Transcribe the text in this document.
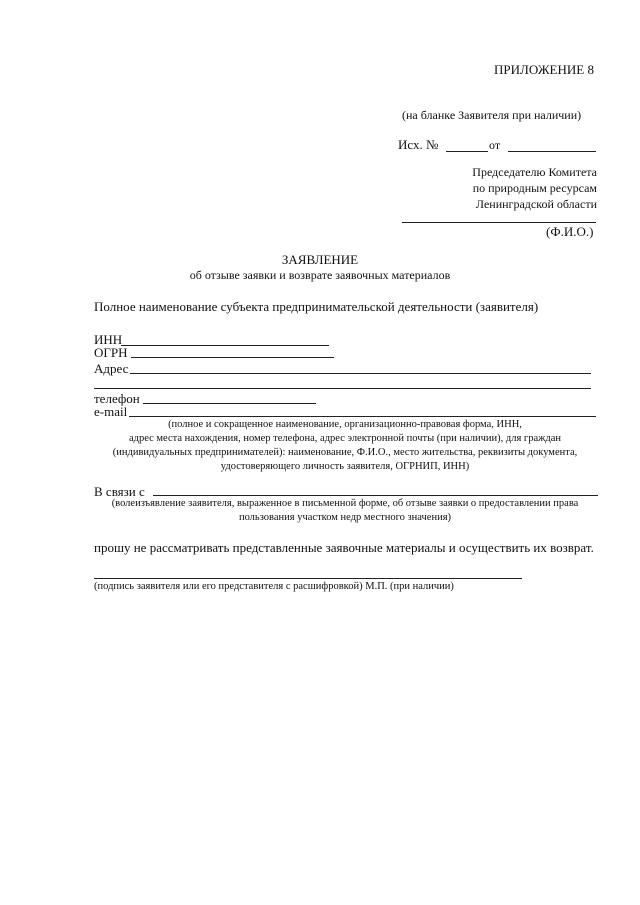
ПРИЛОЖЕНИЕ 8
(на бланке Заявителя при наличии)
Исх. №	от
Председателю Комитета
по природным ресурсам
Ленинградской области
(Ф.И.О.)
ЗАЯВЛЕНИЕ
об отзыве заявки и возврате заявочных материалов
Полное наименование субъекта предпринимательской деятельности (заявителя)
ИНН
ОГРН
Адрес
телефон
e-mail
(полное и сокращенное наименование, организационно-правовая форма, ИНН,
адрес места нахождения, номер телефона, адрес электронной почты (при наличии), для граждан
(индивидуальных предпринимателей): наименование, Ф.И.О., место жительства, реквизиты документа,
удостоверяющего личность заявителя, ОГРНИП, ИНН)
В связи с
(волеизъявление заявителя, выраженное в письменной форме, об отзыве заявки о предоставлении права
пользования участком недр местного значения)
прошу не рассматривать представленные заявочные материалы и осуществить их возврат.
(подпись заявителя или его представителя с расшифровкой) М.П. (при наличии)
